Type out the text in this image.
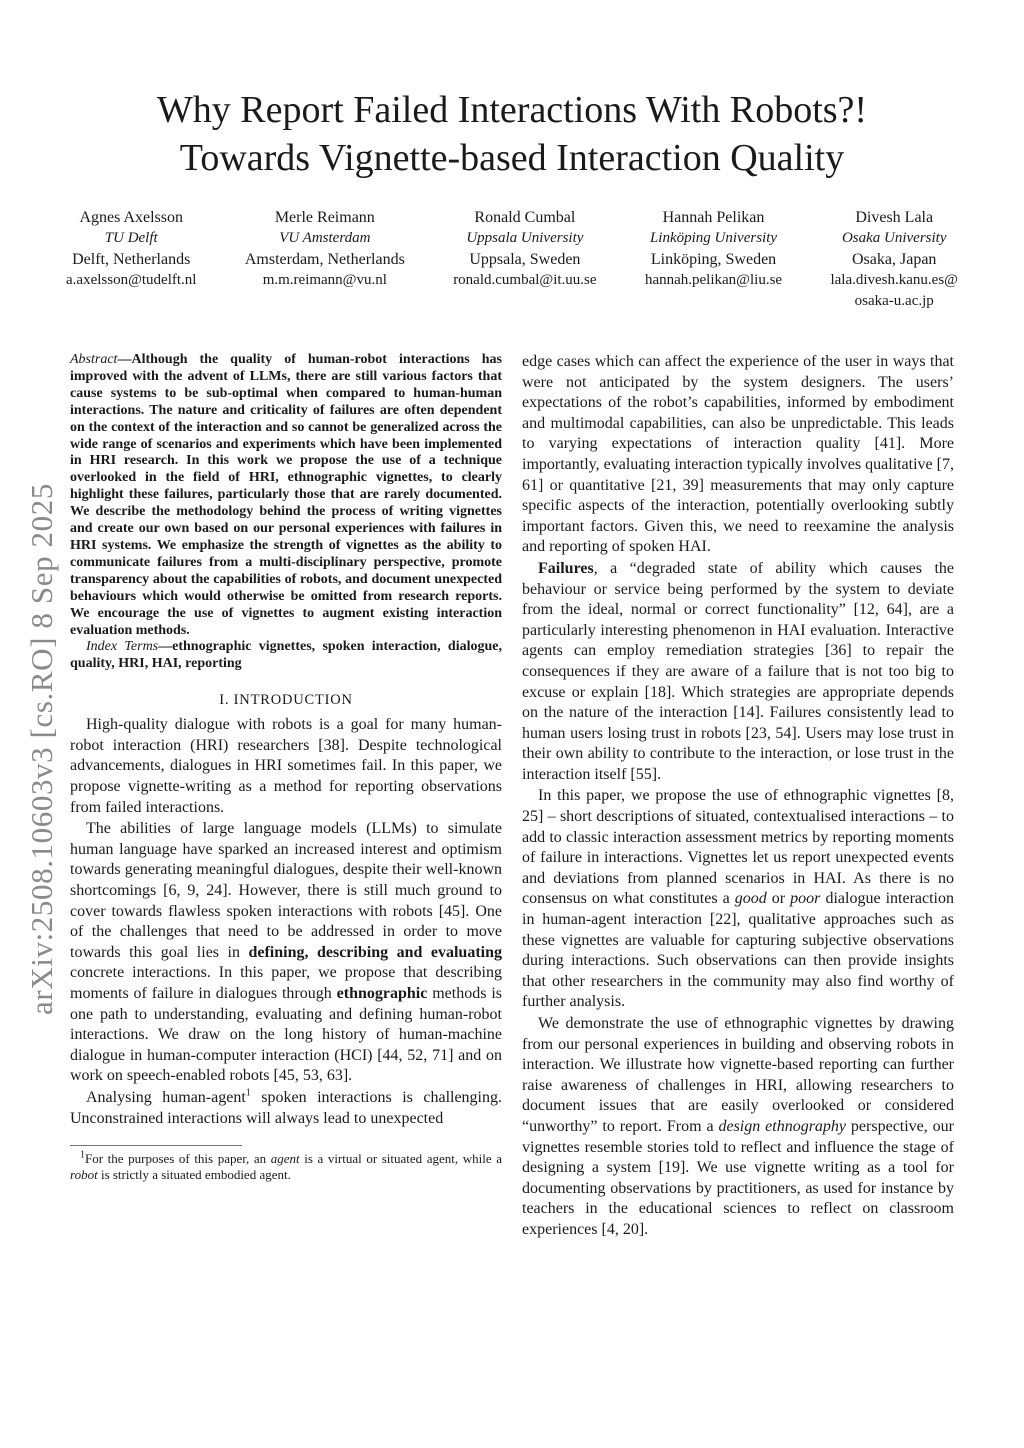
Why Report Failed Interactions With Robots?!
Towards Vignette-based Interaction Quality
Agnes Axelsson
TU Delft
Delft, Netherlands
a.axelsson@tudelft.nl
Merle Reimann
VU Amsterdam
Amsterdam, Netherlands
m.m.reimann@vu.nl
Ronald Cumbal
Uppsala University
Uppsala, Sweden
ronald.cumbal@it.uu.se
Hannah Pelikan
Linköping University
Linköping, Sweden
hannah.pelikan@liu.se
Divesh Lala
Osaka University
Osaka, Japan
lala.divesh.kanu.es@
osaka-u.ac.jp
arXiv:2508.10603v3 [cs.RO] 8 Sep 2025

Abstract—Although the quality of human-robot interactions has improved with the advent of LLMs, there are still various factors that cause systems to be sub-optimal when compared to human-human interactions. The nature and criticality of failures are often dependent on the context of the interaction and so cannot be generalized across the wide range of scenarios and experiments which have been implemented in HRI research. In this work we propose the use of a technique overlooked in the field of HRI, ethnographic vignettes, to clearly highlight these failures, particularly those that are rarely documented. We describe the methodology behind the process of writing vignettes and create our own based on our personal experiences with failures in HRI systems. We emphasize the strength of vignettes as the ability to communicate failures from a multi-disciplinary perspective, promote transparency about the capabilities of robots, and document unexpected behaviours which would otherwise be omitted from research reports. We encourage the use of vignettes to augment existing interaction evaluation methods.

Index Terms—ethnographic vignettes, spoken interaction, dialogue, quality, HRI, HAI, reporting

I. INTRODUCTION

High-quality dialogue with robots is a goal for many human-robot interaction (HRI) researchers [38]. Despite technological advancements, dialogues in HRI sometimes fail. In this paper, we propose vignette-writing as a method for reporting observations from failed interactions.

The abilities of large language models (LLMs) to simulate human language have sparked an increased interest and optimism towards generating meaningful dialogues, despite their well-known shortcomings [6, 9, 24]. However, there is still much ground to cover towards flawless spoken interactions with robots [45]. One of the challenges that need to be addressed in order to move towards this goal lies in defining, describing and evaluating concrete interactions. In this paper, we propose that describing moments of failure in dialogues through ethnographic methods is one path to understanding, evaluating and defining human-robot interactions. We draw on the long history of human-machine dialogue in human-computer interaction (HCI) [44, 52, 71] and on work on speech-enabled robots [45, 53, 63].

Analysing human-agent$^1$ spoken interactions is challenging. Unconstrained interactions will always lead to unexpected

$^1$For the purposes of this paper, an agent is a virtual or situated agent, while a robot is strictly a situated embodied agent.

edge cases which can affect the experience of the user in ways that were not anticipated by the system designers. The users’ expectations of the robot’s capabilities, informed by embodiment and multimodal capabilities, can also be unpredictable. This leads to varying expectations of interaction quality [41]. More importantly, evaluating interaction typically involves qualitative [7, 61] or quantitative [21, 39] measurements that may only capture specific aspects of the interaction, potentially overlooking subtly important factors. Given this, we need to reexamine the analysis and reporting of spoken HAI.

Failures, a “degraded state of ability which causes the behaviour or service being performed by the system to deviate from the ideal, normal or correct functionality” [12, 64], are a particularly interesting phenomenon in HAI evaluation. Interactive agents can employ remediation strategies [36] to repair the consequences if they are aware of a failure that is not too big to excuse or explain [18]. Which strategies are appropriate depends on the nature of the interaction [14]. Failures consistently lead to human users losing trust in robots [23, 54]. Users may lose trust in their own ability to contribute to the interaction, or lose trust in the interaction itself [55].

In this paper, we propose the use of ethnographic vignettes [8, 25] – short descriptions of situated, contextualised interactions – to add to classic interaction assessment metrics by reporting moments of failure in interactions. Vignettes let us report unexpected events and deviations from planned scenarios in HAI. As there is no consensus on what constitutes a good or poor dialogue interaction in human-agent interaction [22], qualitative approaches such as these vignettes are valuable for capturing subjective observations during interactions. Such observations can then provide insights that other researchers in the community may also find worthy of further analysis.

We demonstrate the use of ethnographic vignettes by drawing from our personal experiences in building and observing robots in interaction. We illustrate how vignette-based reporting can further raise awareness of challenges in HRI, allowing researchers to document issues that are easily overlooked or considered “unworthy” to report. From a design ethnography perspective, our vignettes resemble stories told to reflect and influence the stage of designing a system [19]. We use vignette writing as a tool for documenting observations by practitioners, as used for instance by teachers in the educational sciences to reflect on classroom experiences [4, 20].
